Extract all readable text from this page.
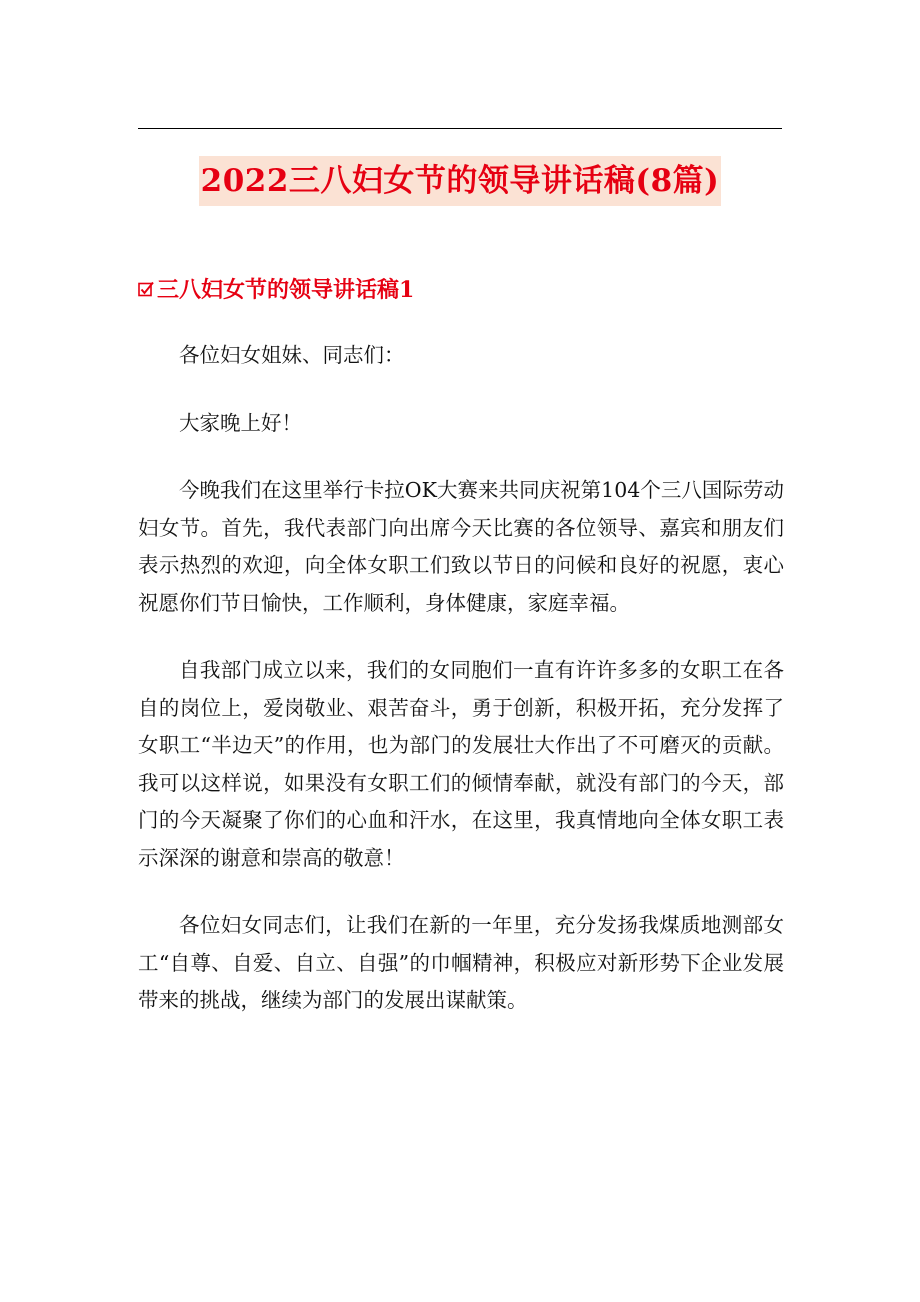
2022三八妇女节的领导讲话稿(8篇)
三八妇女节的领导讲话稿1

各位妇女姐妹、同志们：

大家晚上好！

今晚我们在这里举行卡拉OK大赛来共同庆祝第104个三八国际劳动妇女节。首先，我代表部门向出席今天比赛的各位领导、嘉宾和朋友们表示热烈的欢迎，向全体女职工们致以节日的问候和良好的祝愿，衷心祝愿你们节日愉快，工作顺利，身体健康，家庭幸福。

自我部门成立以来，我们的女同胞们一直有许许多多的女职工在各自的岗位上，爱岗敬业、艰苦奋斗，勇于创新，积极开拓，充分发挥了女职工“半边天”的作用，也为部门的发展壮大作出了不可磨灭的贡献。我可以这样说，如果没有女职工们的倾情奉献，就没有部门的今天，部门的今天凝聚了你们的心血和汗水，在这里，我真情地向全体女职工表示深深的谢意和崇高的敬意！

各位妇女同志们，让我们在新的一年里，充分发扬我煤质地测部女工“自尊、自爱、自立、自强”的巾帼精神，积极应对新形势下企业发展带来的挑战，继续为部门的发展出谋献策。
